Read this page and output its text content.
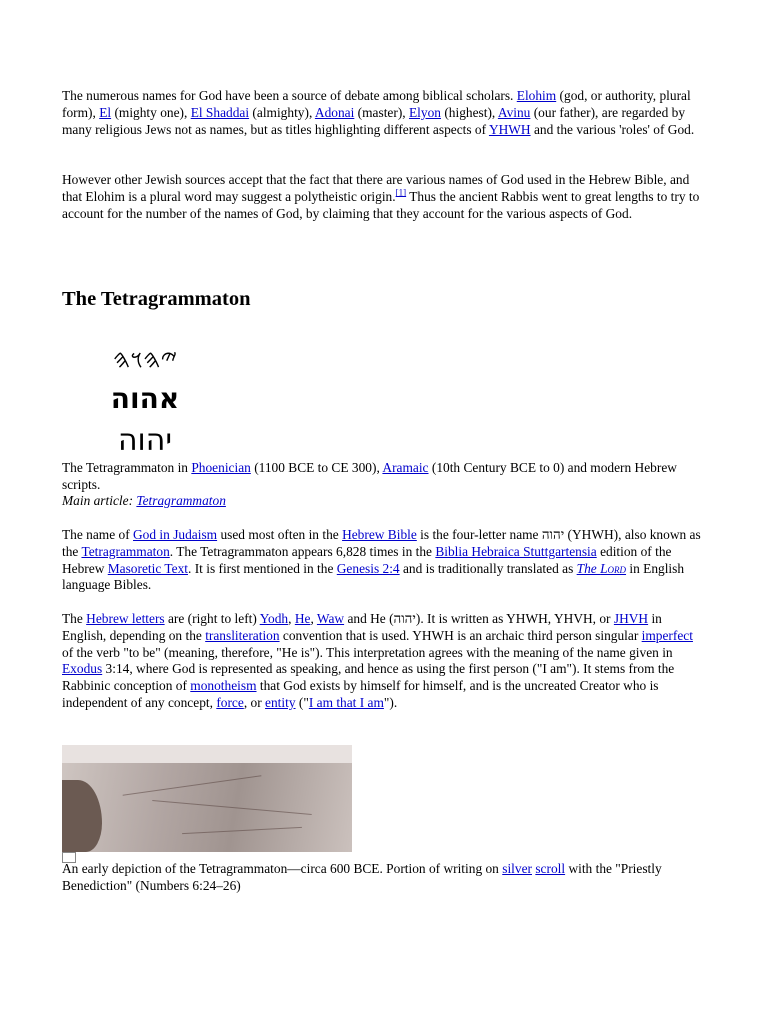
The numerous names for God have been a source of debate among biblical scholars. Elohim (god, or authority, plural form), El (mighty one), El Shaddai (almighty), Adonai (master), Elyon (highest), Avinu (our father), are regarded by many religious Jews not as names, but as titles highlighting different aspects of YHWH and the various 'roles' of God.

However other Jewish sources accept that the fact that there are various names of God used in the Hebrew Bible, and that Elohim is a plural word may suggest a polytheistic origin.[1] Thus the ancient Rabbis went to great lengths to try to account for the number of the names of God, by claiming that they account for the various aspects of God.

The Tetragrammaton
𐤉𐤄𐤅𐤄
אהוה
יהוה

The Tetragrammaton in Phoenician (1100 BCE to CE 300), Aramaic (10th Century BCE to 0) and modern Hebrew scripts.

Main article: Tetragrammaton

The name of God in Judaism used most often in the Hebrew Bible is the four-letter name יהוה (YHWH), also known as the Tetragrammaton. The Tetragrammaton appears 6,828 times in the Biblia Hebraica Stuttgartensia edition of the Hebrew Masoretic Text. It is first mentioned in the Genesis 2:4 and is traditionally translated as The Lord in English language Bibles.

The Hebrew letters are (right to left) Yodh, He, Waw and He (יהוה). It is written as YHWH, YHVH, or JHVH in English, depending on the transliteration convention that is used. YHWH is an archaic third person singular imperfect of the verb "to be" (meaning, therefore, "He is"). This interpretation agrees with the meaning of the name given in Exodus 3:14, where God is represented as speaking, and hence as using the first person ("I am"). It stems from the Rabbinic conception of monotheism that God exists by himself for himself, and is the uncreated Creator who is independent of any concept, force, or entity ("I am that I am").

An early depiction of the Tetragrammaton—circa 600 BCE. Portion of writing on silver scroll with the "Priestly Benediction" (Numbers 6:24–26)
